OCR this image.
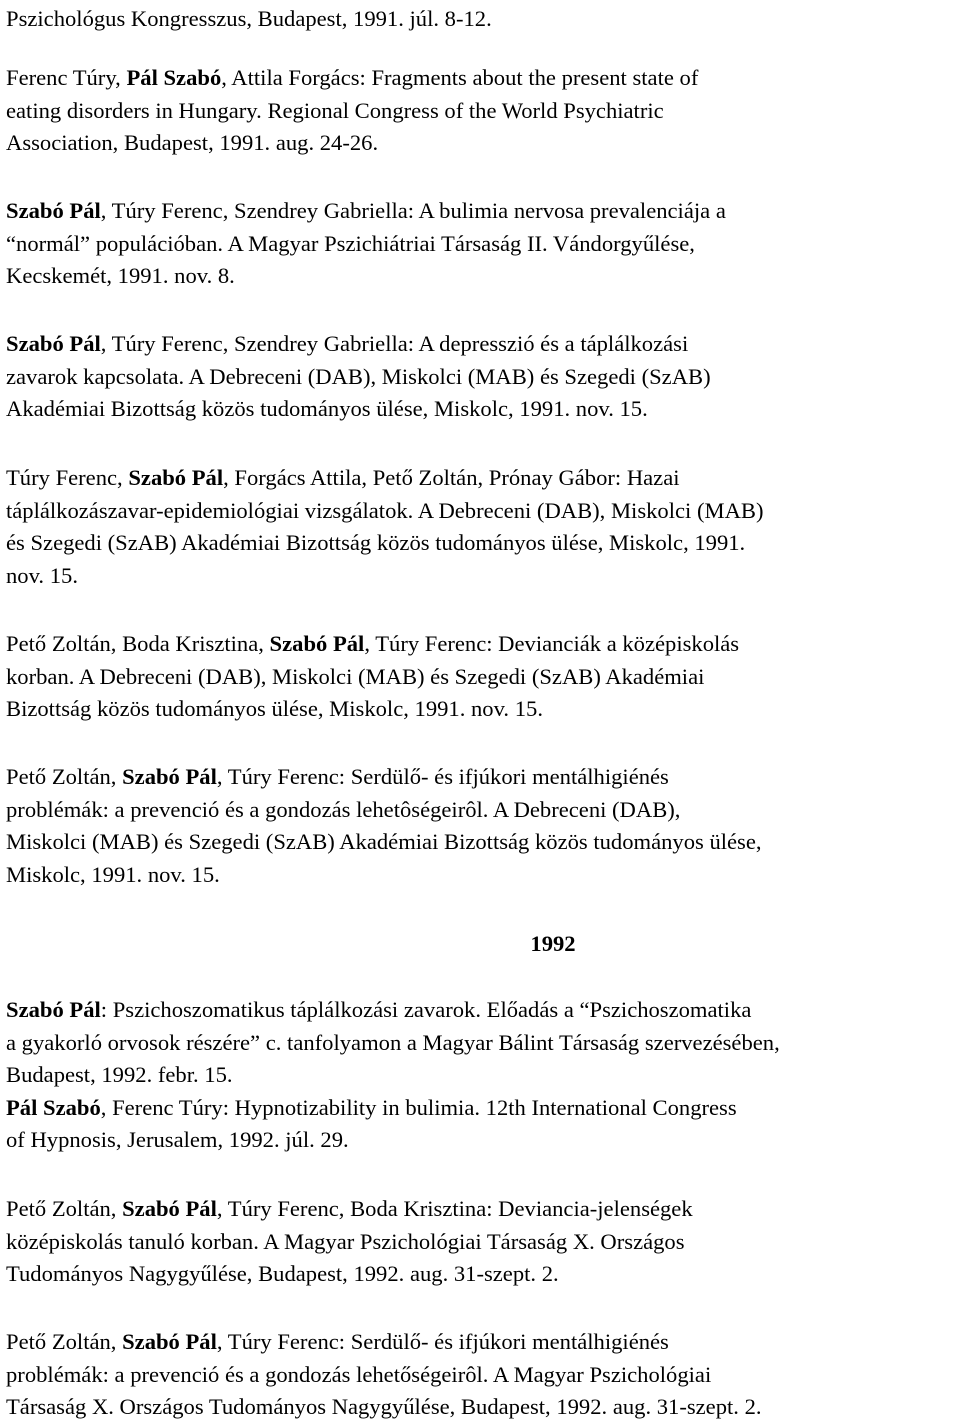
Pszichológus Kongresszus, Budapest, 1991. júl. 8-12.

Ferenc Túry, Pál Szabó, Attila Forgács: Fragments about the present state of
eating disorders in Hungary. Regional Congress of the World Psychiatric
Association, Budapest, 1991. aug. 24-26.

Szabó Pál, Túry Ferenc, Szendrey Gabriella: A bulimia nervosa prevalenciája a
“normál” populációban. A Magyar Pszichiátriai Társaság II. Vándorgyűlése,
Kecskemét, 1991. nov. 8.

Szabó Pál, Túry Ferenc, Szendrey Gabriella: A depresszió és a táplálkozási
zavarok kapcsolata. A Debreceni (DAB), Miskolci (MAB) és Szegedi (SzAB)
Akadémiai Bizottság közös tudományos ülése, Miskolc, 1991. nov. 15.

Túry Ferenc, Szabó Pál, Forgács Attila, Pető Zoltán, Prónay Gábor: Hazai
táplálkozászavar-epidemiológiai vizsgálatok. A Debreceni (DAB), Miskolci (MAB)
és Szegedi (SzAB) Akadémiai Bizottság közös tudományos ülése, Miskolc, 1991.
nov. 15.

Pető Zoltán, Boda Krisztina, Szabó Pál, Túry Ferenc: Devianciák a középiskolás
korban. A Debreceni (DAB), Miskolci (MAB) és Szegedi (SzAB) Akadémiai
Bizottság közös tudományos ülése, Miskolc, 1991. nov. 15.

Pető Zoltán, Szabó Pál, Túry Ferenc: Serdülő- és ifjúkori mentálhigiénés
problémák: a prevenció és a gondozás lehetôségeirôl. A Debreceni (DAB),
Miskolci (MAB) és Szegedi (SzAB) Akadémiai Bizottság közös tudományos ülése,
Miskolc, 1991. nov. 15.

Szabó Pál: Pszichoszomatikus táplálkozási zavarok. Előadás a “Pszichoszomatika
a gyakorló orvosok részére” c. tanfolyamon a Magyar Bálint Társaság szervezésében,
Budapest, 1992. febr. 15.
Pál Szabó, Ferenc Túry: Hypnotizability in bulimia. 12th International Congress
of Hypnosis, Jerusalem, 1992. júl. 29.

Pető Zoltán, Szabó Pál, Túry Ferenc, Boda Krisztina: Deviancia-jelenségek
középiskolás tanuló korban. A Magyar Pszichológiai Társaság X. Országos
Tudományos Nagygyűlése, Budapest, 1992. aug. 31-szept. 2.

Pető Zoltán, Szabó Pál, Túry Ferenc: Serdülő- és ifjúkori mentálhigiénés
problémák: a prevenció és a gondozás lehetőségeirôl. A Magyar Pszichológiai
Társaság X. Országos Tudományos Nagygyűlése, Budapest, 1992. aug. 31-szept. 2.

1992
